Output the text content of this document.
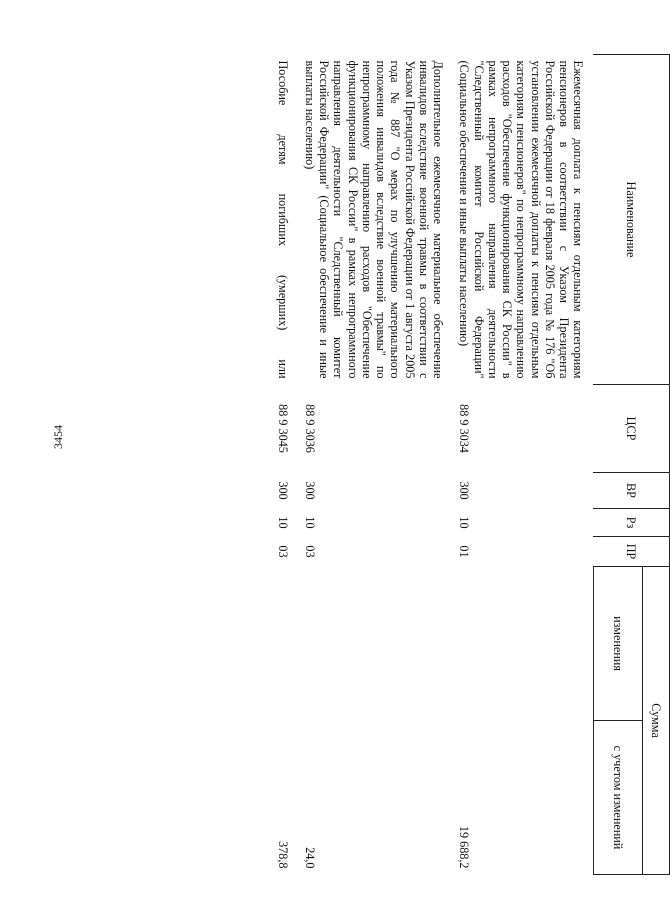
3454
Наименование	ЦСР	ВР	Рз	ПР	Сумма	
					изменения	с учетом изменений

Ежемесячная доплата к пенсиям отдельным категориям пенсионеров в соответствии с Указом Президента Российской Федерации от 18 февраля 2005 года № 176 "Об установлении ежемесячной доплаты к пенсиям отдельным категориям пенсионеров" по непрограммному направлению расходов "Обеспечение функционирования СК России" в рамках непрограммного направления деятельности "Следственный комитет Российской Федерации" (Социальное обеспечение и иные выплаты населению)	88 9 3034	300	10	01		19 688,2

Дополнительное ежемесячное материальное обеспечение инвалидов вследствие военной травмы в соответствии с Указом Президента Российской Федерации от 1 августа 2005 года № 887 "О мерах по улучшению материального положения инвалидов вследствие военной травмы" по непрограммному направлению расходов "Обеспечение функционирования СК России" в рамках непрограммного направления деятельности "Следственный комитет Российской Федерации" (Социальное обеспечение и иные выплаты населению)	88 9 3036	300	10	03		24,0

Пособие детям погибших (умерших) или	88 9 3045	300	10	03		378,8
